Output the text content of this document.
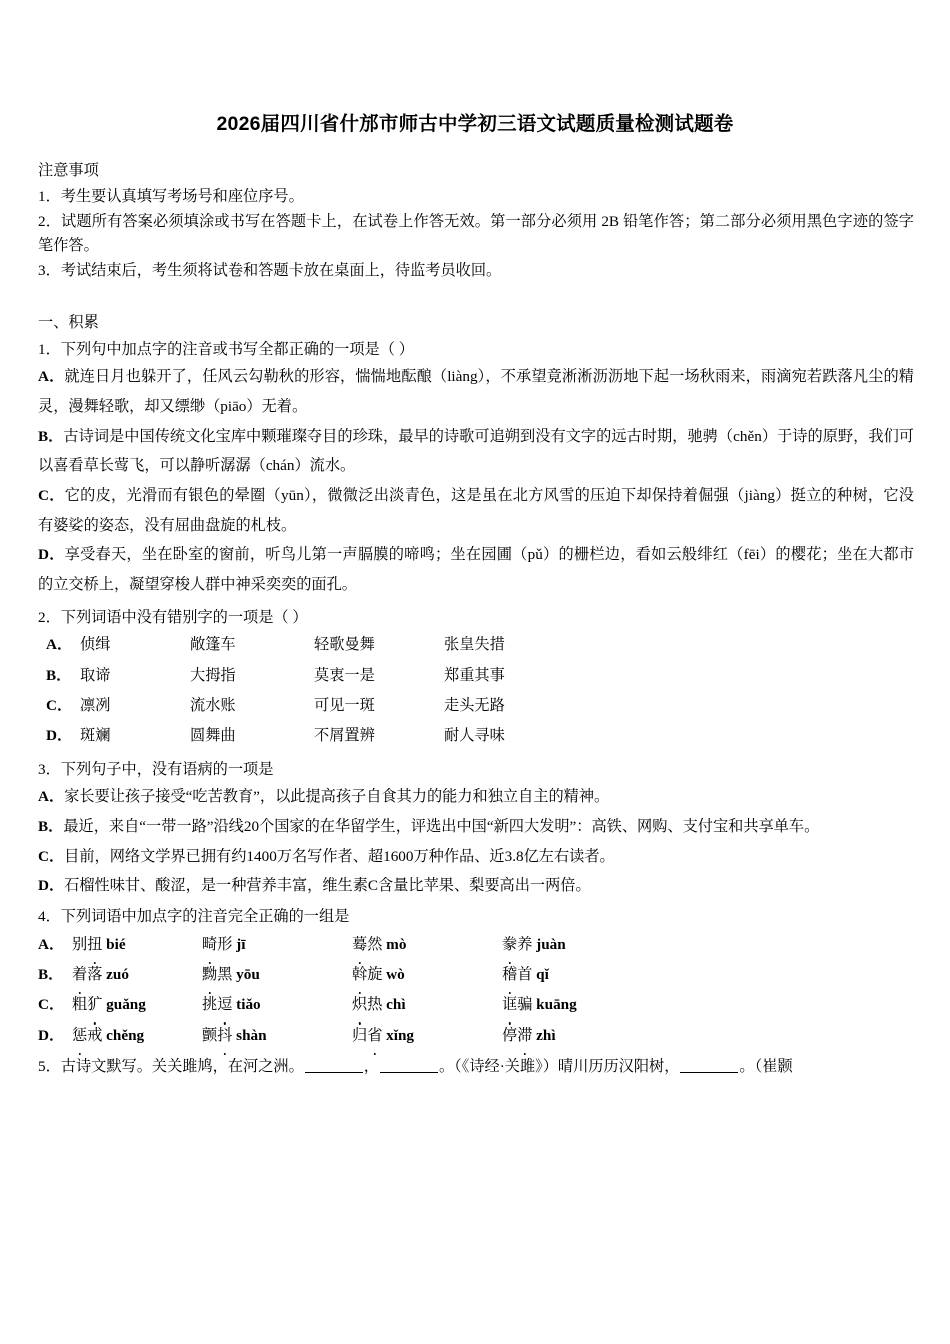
2026届四川省什邡市师古中学初三语文试题质量检测试题卷
注意事项
1．考生要认真填写考场号和座位序号。
2．试题所有答案必须填涂或书写在答题卡上，在试卷上作答无效。第一部分必须用 2B 铅笔作答；第二部分必须用黑色字迹的签字笔作答。
3．考试结束后，考生须将试卷和答题卡放在桌面上，待监考员收回。
一、积累
1．下列句中加点字的注音或书写全都正确的一项是（ ）
A．就连日月也躲开了，任风云勾勒秋的形容，惴惴地酝酿（liàng），不承望竟淅淅沥沥地下起一场秋雨来，雨滴宛若跌落凡尘的精灵，漫舞轻歌，却又缥缈（piāo）无着。
B．古诗词是中国传统文化宝库中颗璀璨夺目的珍珠，最早的诗歌可追朔到没有文字的远古时期，驰骋（chěn）于诗的原野，我们可以喜看草长莺飞，可以静听潺潺（chán）流水。
C．它的皮，光滑而有银色的晕圈（yūn），微微泛出淡青色，这是虽在北方风雪的压迫下却保持着倔强（jiàng）挺立的种树，它没有婆娑的姿态，没有屈曲盘旋的札枝。
D．享受春天，坐在卧室的窗前，听鸟儿第一声膈膜的啼鸣；坐在园圃（pǔ）的栅栏边，看如云般绯红（fēi）的樱花；坐在大都市的立交桥上，凝望穿梭人群中神采奕奕的面孔。
2．下列词语中没有错别字的一项是（ ）
A． 侦缉	敞篷车	轻歌曼舞	张皇失措
B． 取谛	大拇指	莫衷一是	郑重其事
C． 凛冽	流水账	可见一斑	走头无路
D． 斑斓	圆舞曲	不屑置辨	耐人寻味
3．下列句子中，没有语病的一项是
A．家长要让孩子接受“吃苦教育”，以此提高孩子自食其力的能力和独立自主的精神。
B．最近，来自“一带一路”沿线20个国家的在华留学生，评选出中国“新四大发明”：高铁、网购、支付宝和共享单车。
C．目前，网络文学界已拥有约1400万名写作者、超1600万种作品、近3.8亿左右读者。
D．石榴性味甘、酸涩，是一种营养丰富，维生素C含量比苹果、梨要高出一两倍。
4．下列词语中加点字的注音完全正确的一组是
A． 别扭 bié	畸形 jī	蓦然 mò	豢养 juàn
B． 着落 zuó	黝黑 yōu	斡旋 wò	稽首 qǐ
C． 粗犷 guǎng	挑逗 tiǎo	炽热 chì	诓骗 kuāng
D． 惩戒 chěng	颤抖 shàn	归省 xǐng	停滞 zhì
5．古诗文默写。关关雎鸠，在河之洲。	，	。（《诗经·关雎》）晴川历历汉阳树，	。（崔颢
